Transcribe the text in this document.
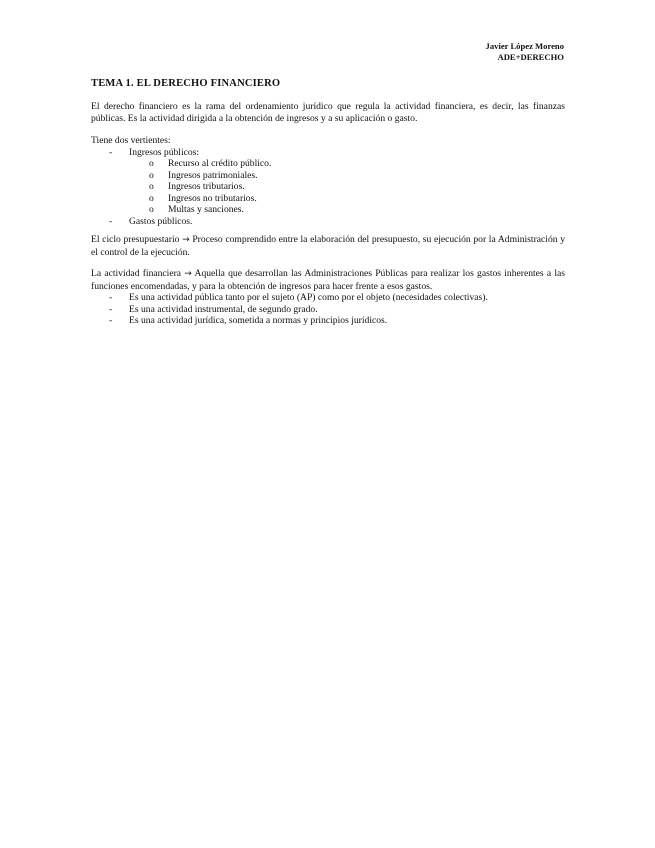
Javier López Moreno
ADE+DERECHO
TEMA 1. EL DERECHO FINANCIERO

El derecho financiero es la rama del ordenamiento jurídico que regula la actividad financiera, es decir, las finanzas públicas. Es la actividad dirigida a la obtención de ingresos y a su aplicación o gasto.

Tiene dos vertientes:

- Ingresos públicos:
o Recurso al crédito público.
o Ingresos patrimoniales.
o Ingresos tributarios.
o Ingresos no tributarios.
o Multas y sanciones.
- Gastos públicos.

El ciclo presupuestario → Proceso comprendido entre la elaboración del presupuesto, su ejecución por la Administración y el control de la ejecución.

La actividad financiera → Aquella que desarrollan las Administraciones Públicas para realizar los gastos inherentes a las funciones encomendadas, y para la obtención de ingresos para hacer frente a esos gastos.

- Es una actividad pública tanto por el sujeto (AP) como por el objeto (necesidades colectivas).
- Es una actividad instrumental, de segundo grado.
- Es una actividad jurídica, sometida a normas y principios jurídicos.
